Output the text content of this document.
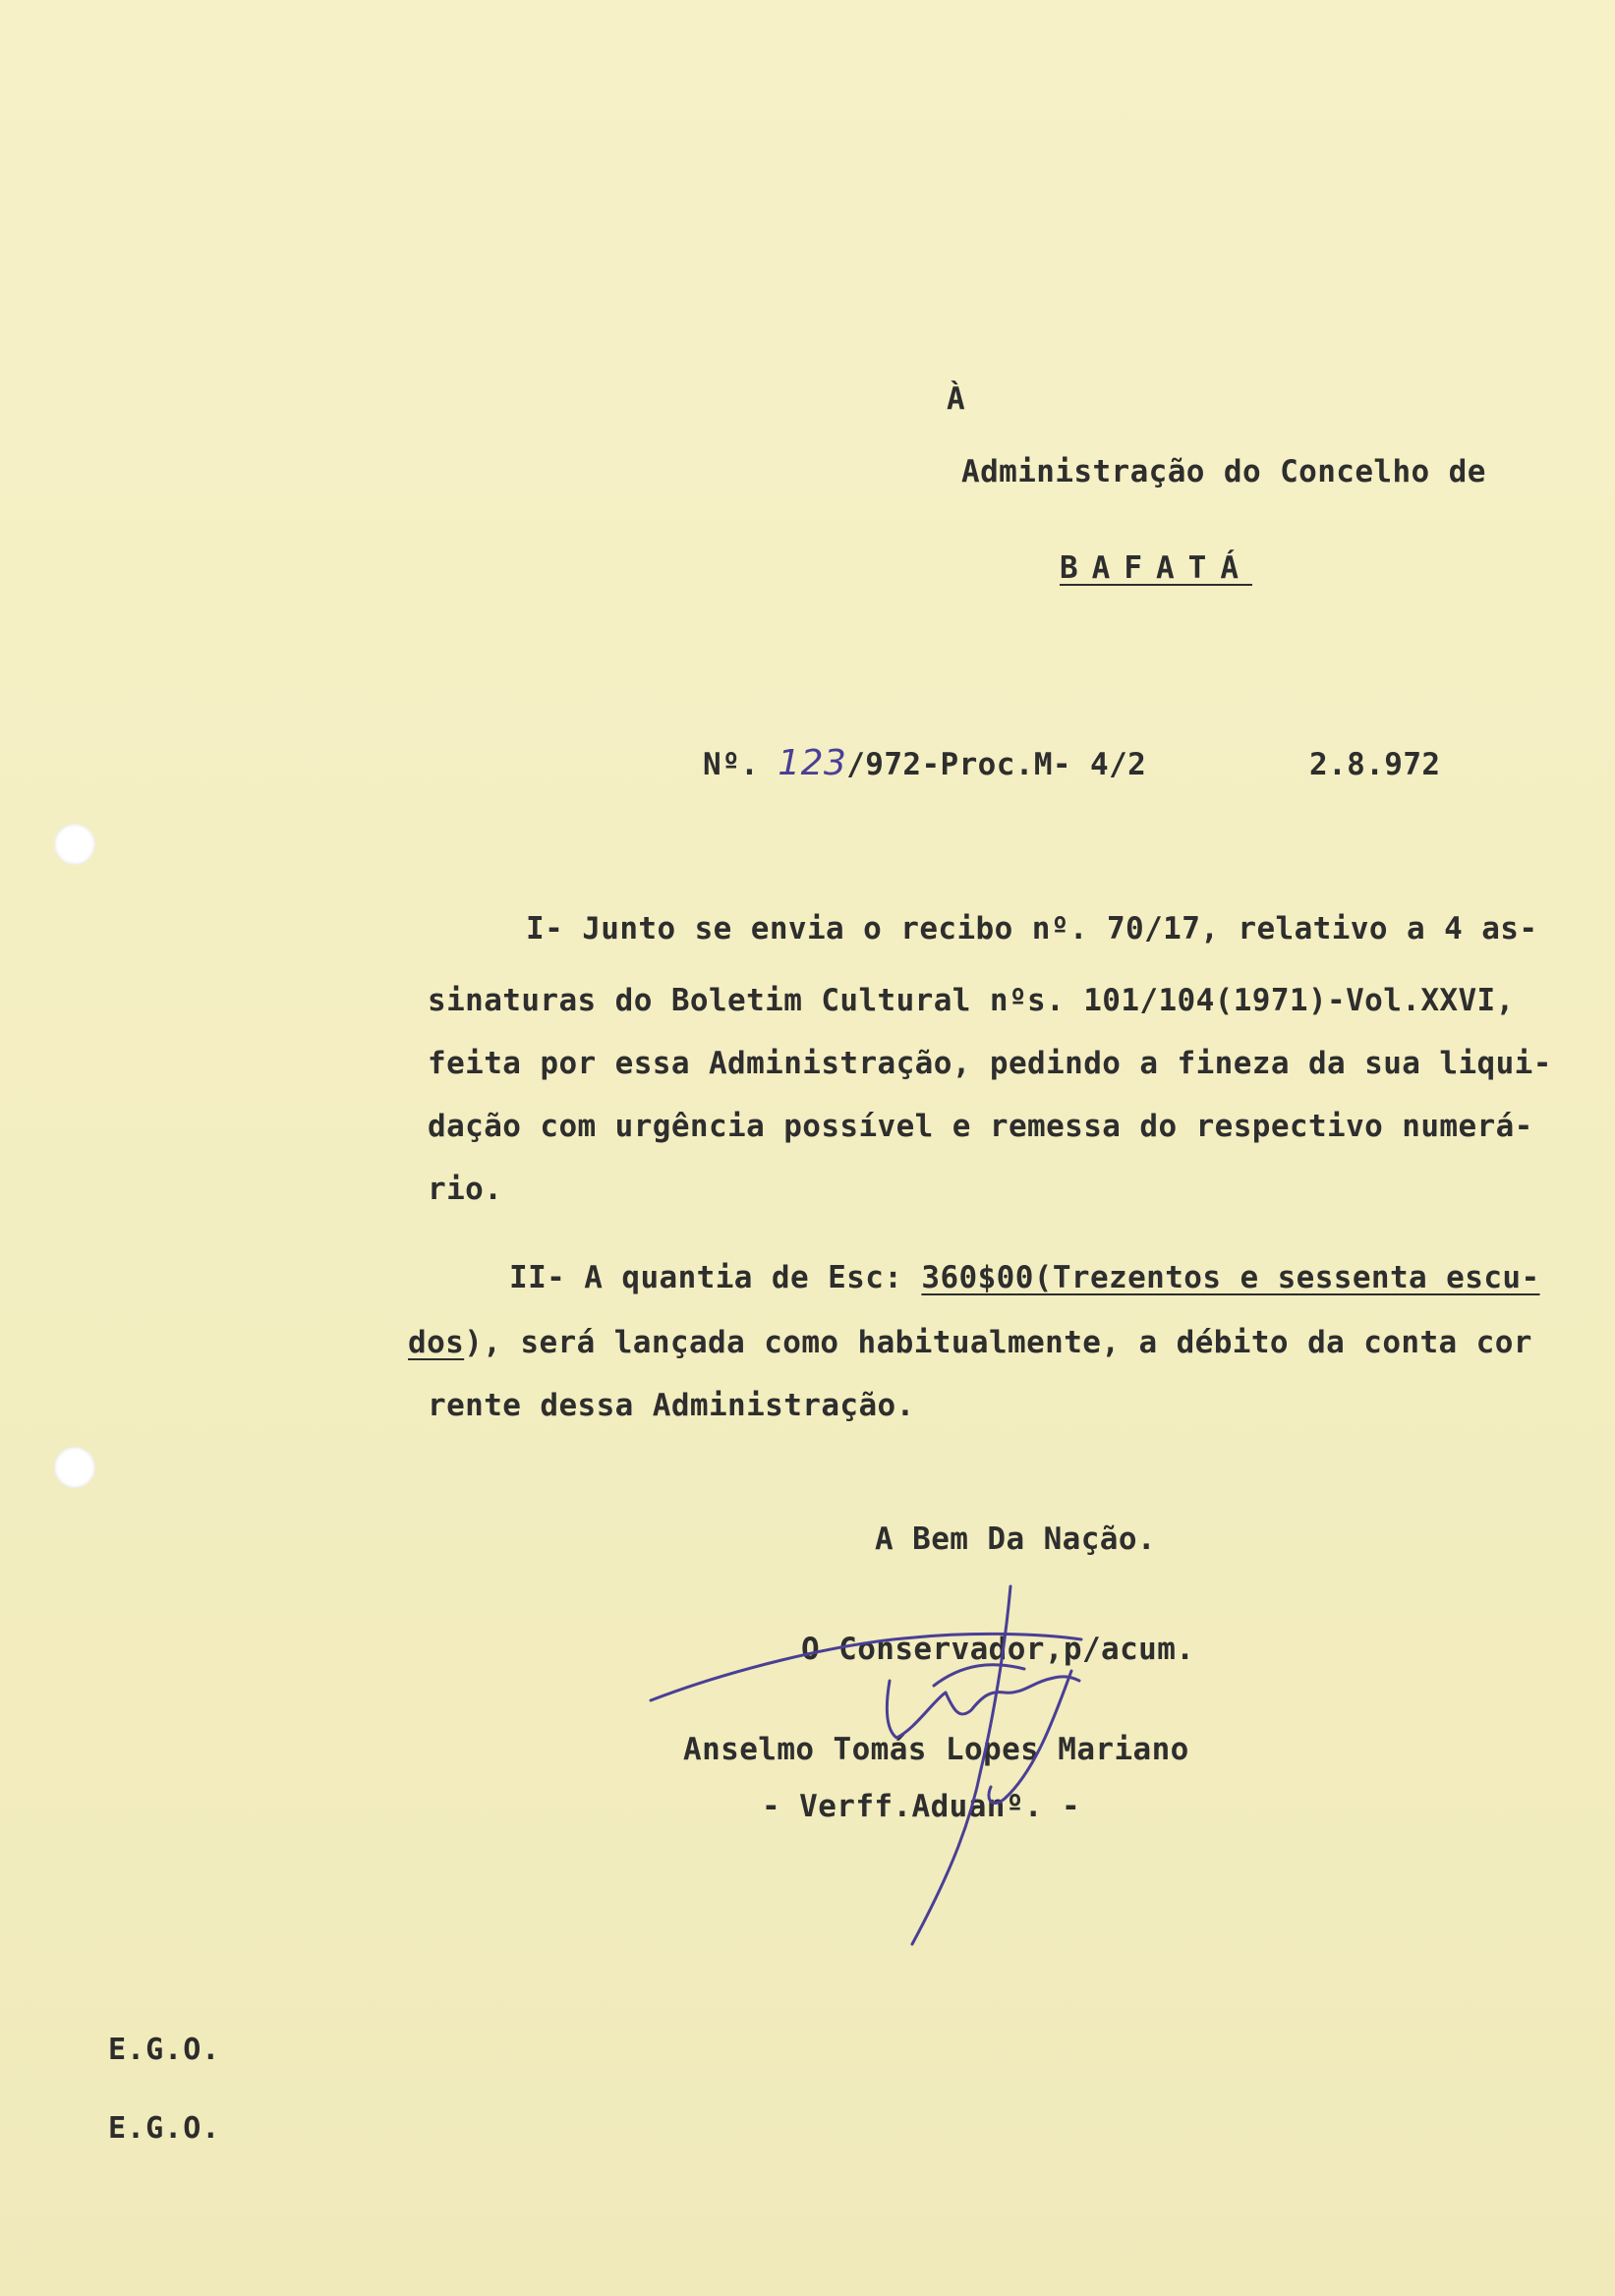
À
Administração do Concelho de
BAFATÁ
Nº. 123/972-Proc.M- 4/2	2.8.972
I- Junto se envia o recibo nº. 70/17, relativo a 4 as-
sinaturas do Boletim Cultural nºs. 101/104(1971)-Vol.XXVI,
feita por essa Administração, pedindo a fineza da sua liqui-
dação com urgência possível e remessa do respectivo numerá-
rio.
II- A quantia de Esc: 360$00(Trezentos e sessenta escu-
dos), será lançada como habitualmente, a débito da conta cor
rente dessa Administração.
A Bem Da Nação.
O Conservador,p/acum.
Anselmo Tomás Lopes Mariano
- Verff.Aduanº. -
E.G.O.
E.G.O.
